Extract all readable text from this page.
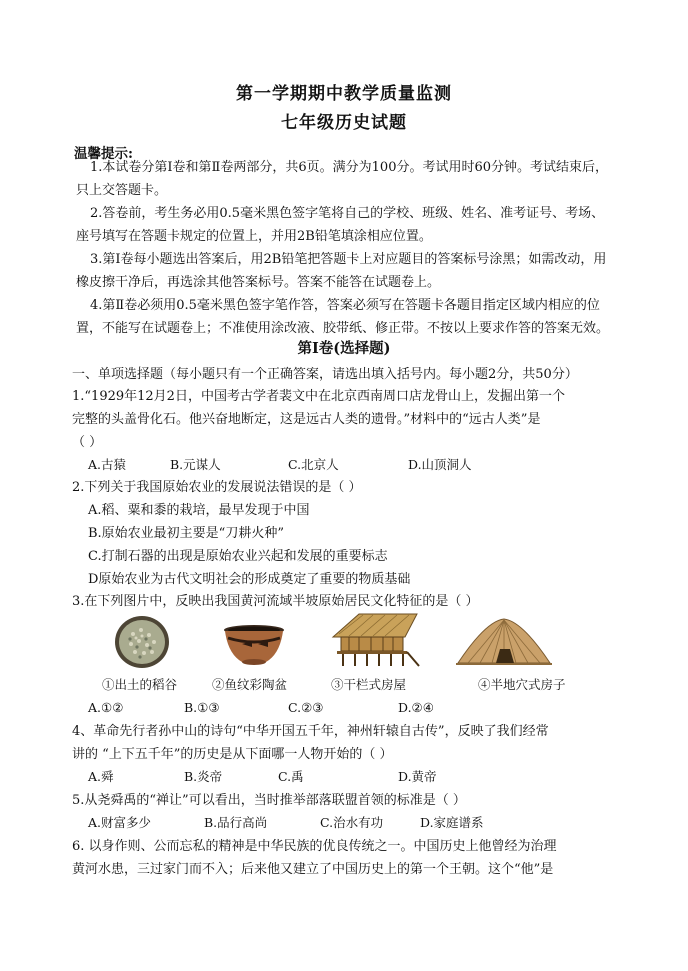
第一学期期中教学质量监测
七年级历史试题
温馨提示:
1.本试卷分第Ⅰ卷和第Ⅱ卷两部分，共6页。满分为100分。考试用时60分钟。考试结束后，只上交答题卡。
2.答卷前，考生务必用0.5毫米黑色签字笔将自己的学校、班级、姓名、准考证号、考场、座号填写在答题卡规定的位置上，并用2B铅笔填涂相应位置。
3.第Ⅰ卷每小题选出答案后，用2B铅笔把答题卡上对应题目的答案标号涂黑；如需改动，用橡皮擦干净后，再选涂其他答案标号。答案不能答在试题卷上。
4.第Ⅱ卷必须用0.5毫米黑色签字笔作答，答案必须写在答题卡各题目指定区域内相应的位置，不能写在试题卷上；不准使用涂改液、胶带纸、修正带。不按以上要求作答的答案无效。
第Ⅰ卷(选择题)
一、单项选择题（每小题只有一个正确答案，请选出填入括号内。每小题2分，共50分）
1.“1929年12月2日，中国考古学者裴文中在北京西南周口店龙骨山上，发掘出第一个
完整的头盖骨化石。他兴奋地断定，这是远古人类的遗骨。”材料中的“远古人类”是
（ ）
A.古猿	B.元谋人	C.北京人	D.山顶洞人
2.下列关于我国原始农业的发展说法错误的是（ ）
A.稻、粟和黍的栽培，最早发现于中国
B.原始农业最初主要是“刀耕火种”
C.打制石器的出现是原始农业兴起和发展的重要标志
D原始农业为古代文明社会的形成奠定了重要的物质基础
3.在下列图片中，反映出我国黄河流域半坡原始居民文化特征的是（ ）
①出土的稻谷	②鱼纹彩陶盆	③干栏式房屋	④半地穴式房子
A.①②	B.①③	C.②③	D.②④
4、革命先行者孙中山的诗句“中华开国五千年，神州轩辕自古传”，反映了我们经常
讲的 “上下五千年”的历史是从下面哪一人物开始的（ ）
A.舜	B.炎帝	C.禹	D.黄帝
5.从尧舜禹的“禅让”可以看出，当时推举部落联盟首领的标准是（ ）
A.财富多少	B.品行高尚	C.治水有功	D.家庭谱系
6. 以身作则、公而忘私的精神是中华民族的优良传统之一。中国历史上他曾经为治理
黄河水患，三过家门而不入；后来他又建立了中国历史上的第一个王朝。这个“他”是
